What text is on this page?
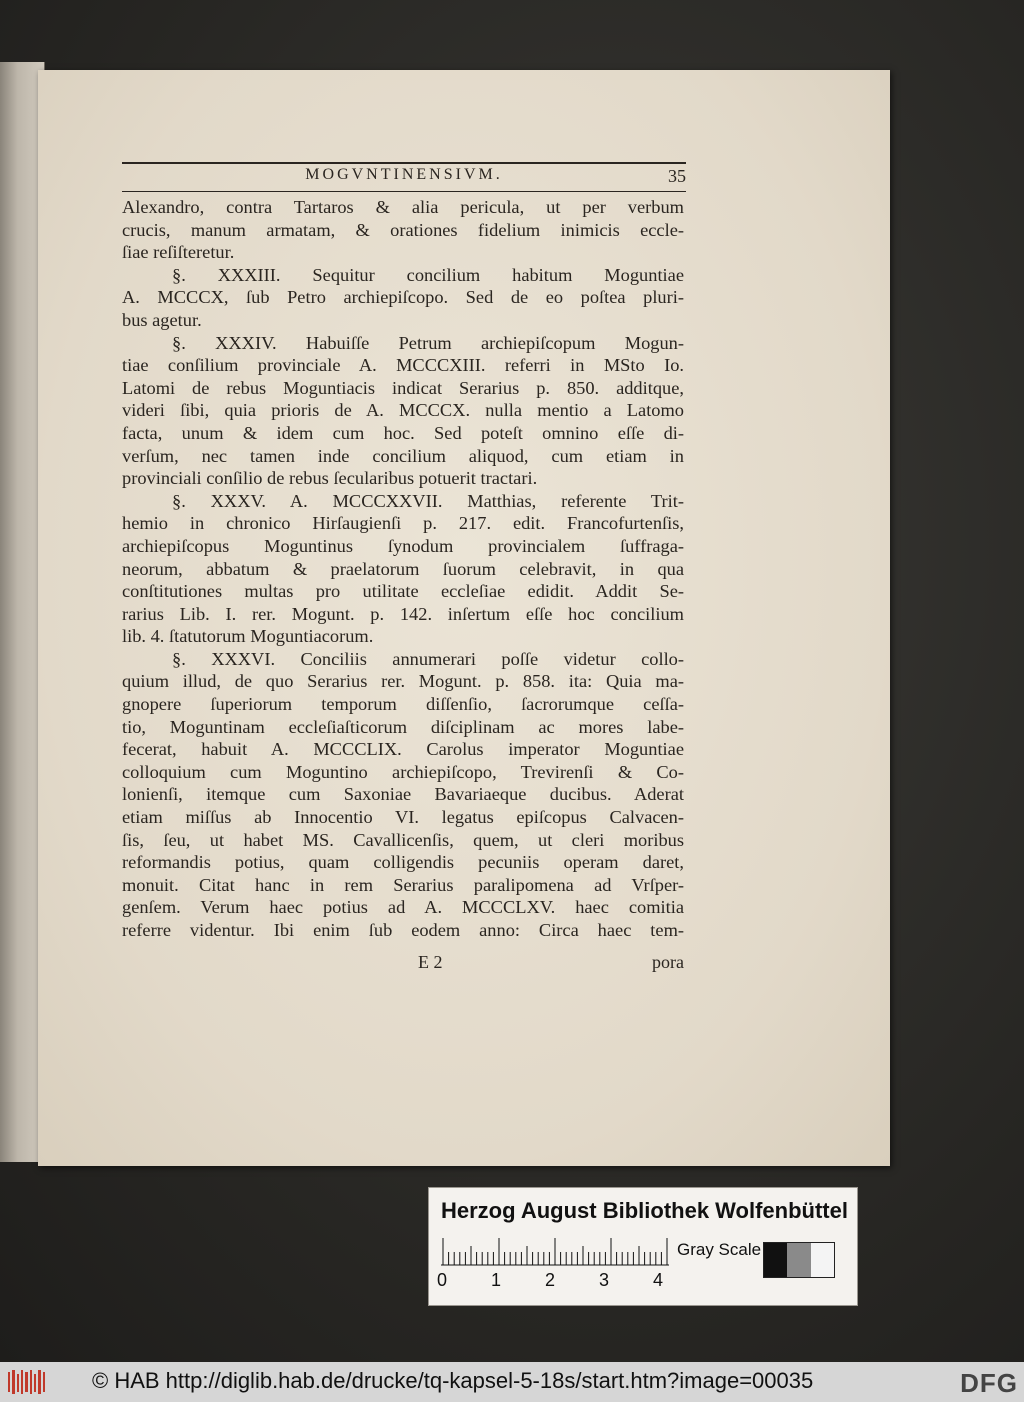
MOGVNTINENSIVM.	35
Alexandro, contra Tartaros & alia pericula, ut per verbum
crucis, manum armatam, & orationes fidelium inimicis eccle-
ſiae reſiſteretur.
§. XXXIII. Sequitur concilium habitum Moguntiae
A. MCCCX, ſub Petro archiepiſcopo. Sed de eo poſtea pluri-
bus agetur.
§. XXXIV. Habuiſſe Petrum archiepiſcopum Mogun-
tiae conſilium provinciale A. MCCCXIII. referri in MSto Io.
Latomi de rebus Moguntiacis indicat Serarius p. 850. additque,
videri ſibi, quia prioris de A. MCCCX. nulla mentio a Latomo
facta, unum & idem cum hoc. Sed poteſt omnino eſſe di-
verſum, nec tamen inde concilium aliquod, cum etiam in
provinciali conſilio de rebus ſecularibus potuerit tractari.
§. XXXV. A. MCCCXXVII. Matthias, referente Trit-
hemio in chronico Hirſaugienſi p. 217. edit. Francofurtenſis,
archiepiſcopus Moguntinus ſynodum provincialem ſuffraga-
neorum, abbatum & praelatorum ſuorum celebravit, in qua
conſtitutiones multas pro utilitate eccleſiae edidit. Addit Se-
rarius Lib. I. rer. Mogunt. p. 142. inſertum eſſe hoc concilium
lib. 4. ſtatutorum Moguntiacorum.
§. XXXVI. Conciliis annumerari poſſe videtur collo-
quium illud, de quo Serarius rer. Mogunt. p. 858. ita: Quia ma-
gnopere ſuperiorum temporum diſſenſio, ſacrorumque ceſſa-
tio, Moguntinam eccleſiaſticorum diſciplinam ac mores labe-
fecerat, habuit A. MCCCLIX. Carolus imperator Moguntiae
colloquium cum Moguntino archiepiſcopo, Trevirenſi & Co-
lonienſi, itemque cum Saxoniae Bavariaeque ducibus. Aderat
etiam miſſus ab Innocentio VI. legatus epiſcopus Calvacen-
ſis, ſeu, ut habet MS. Cavallicenſis, quem, ut cleri moribus
reformandis potius, quam colligendis pecuniis operam daret,
monuit. Citat hanc in rem Serarius paralipomena ad Vrſper-
genſem. Verum haec potius ad A. MCCCLXV. haec comitia
referre videntur. Ibi enim ſub eodem anno: Circa haec tem-
E 2	pora
Herzog August Bibliothek Wolfenbüttel
0 1 2 3 4
Gray Scale
© HAB http://diglib.hab.de/drucke/tq-kapsel-5-18s/start.htm?image=00035	DFG
